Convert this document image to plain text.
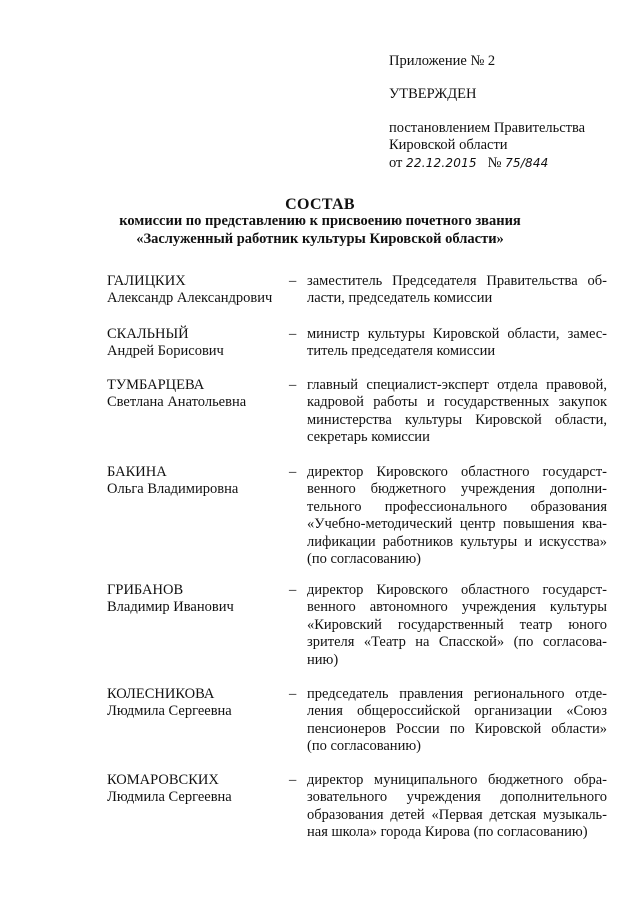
Приложение № 2
УТВЕРЖДЕН
постановлением Правительства
Кировской области
от 22.12.2015 № 75/844
СОСТАВ
комиссии по представлению к присвоению почетного звания
«Заслуженный работник культуры Кировской области»
ГАЛИЦКИХ
Александр Александрович
– заместитель Председателя Правительства об-
ласти, председатель комиссии
СКАЛЬНЫЙ
Андрей Борисович
– министр культуры Кировской области, замес-
титель председателя комиссии
ТУМБАРЦЕВА
Светлана Анатольевна
– главный специалист-эксперт отдела правовой,
кадровой работы и государственных закупок
министерства культуры Кировской области,
секретарь комиссии
БАКИНА
Ольга Владимировна
– директор Кировского областного государст-
венного бюджетного учреждения дополни-
тельного профессионального образования
«Учебно-методический центр повышения ква-
лификации работников культуры и искусства»
(по согласованию)
ГРИБАНОВ
Владимир Иванович
– директор Кировского областного государст-
венного автономного учреждения культуры
«Кировский государственный театр юного
зрителя «Театр на Спасской» (по согласова-
нию)
КОЛЕСНИКОВА
Людмила Сергеевна
– председатель правления регионального отде-
ления общероссийской организации «Союз
пенсионеров России по Кировской области»
(по согласованию)
КОМАРОВСКИХ
Людмила Сергеевна
– директор муниципального бюджетного обра-
зовательного учреждения дополнительного
образования детей «Первая детская музыкаль-
ная школа» города Кирова (по согласованию)
